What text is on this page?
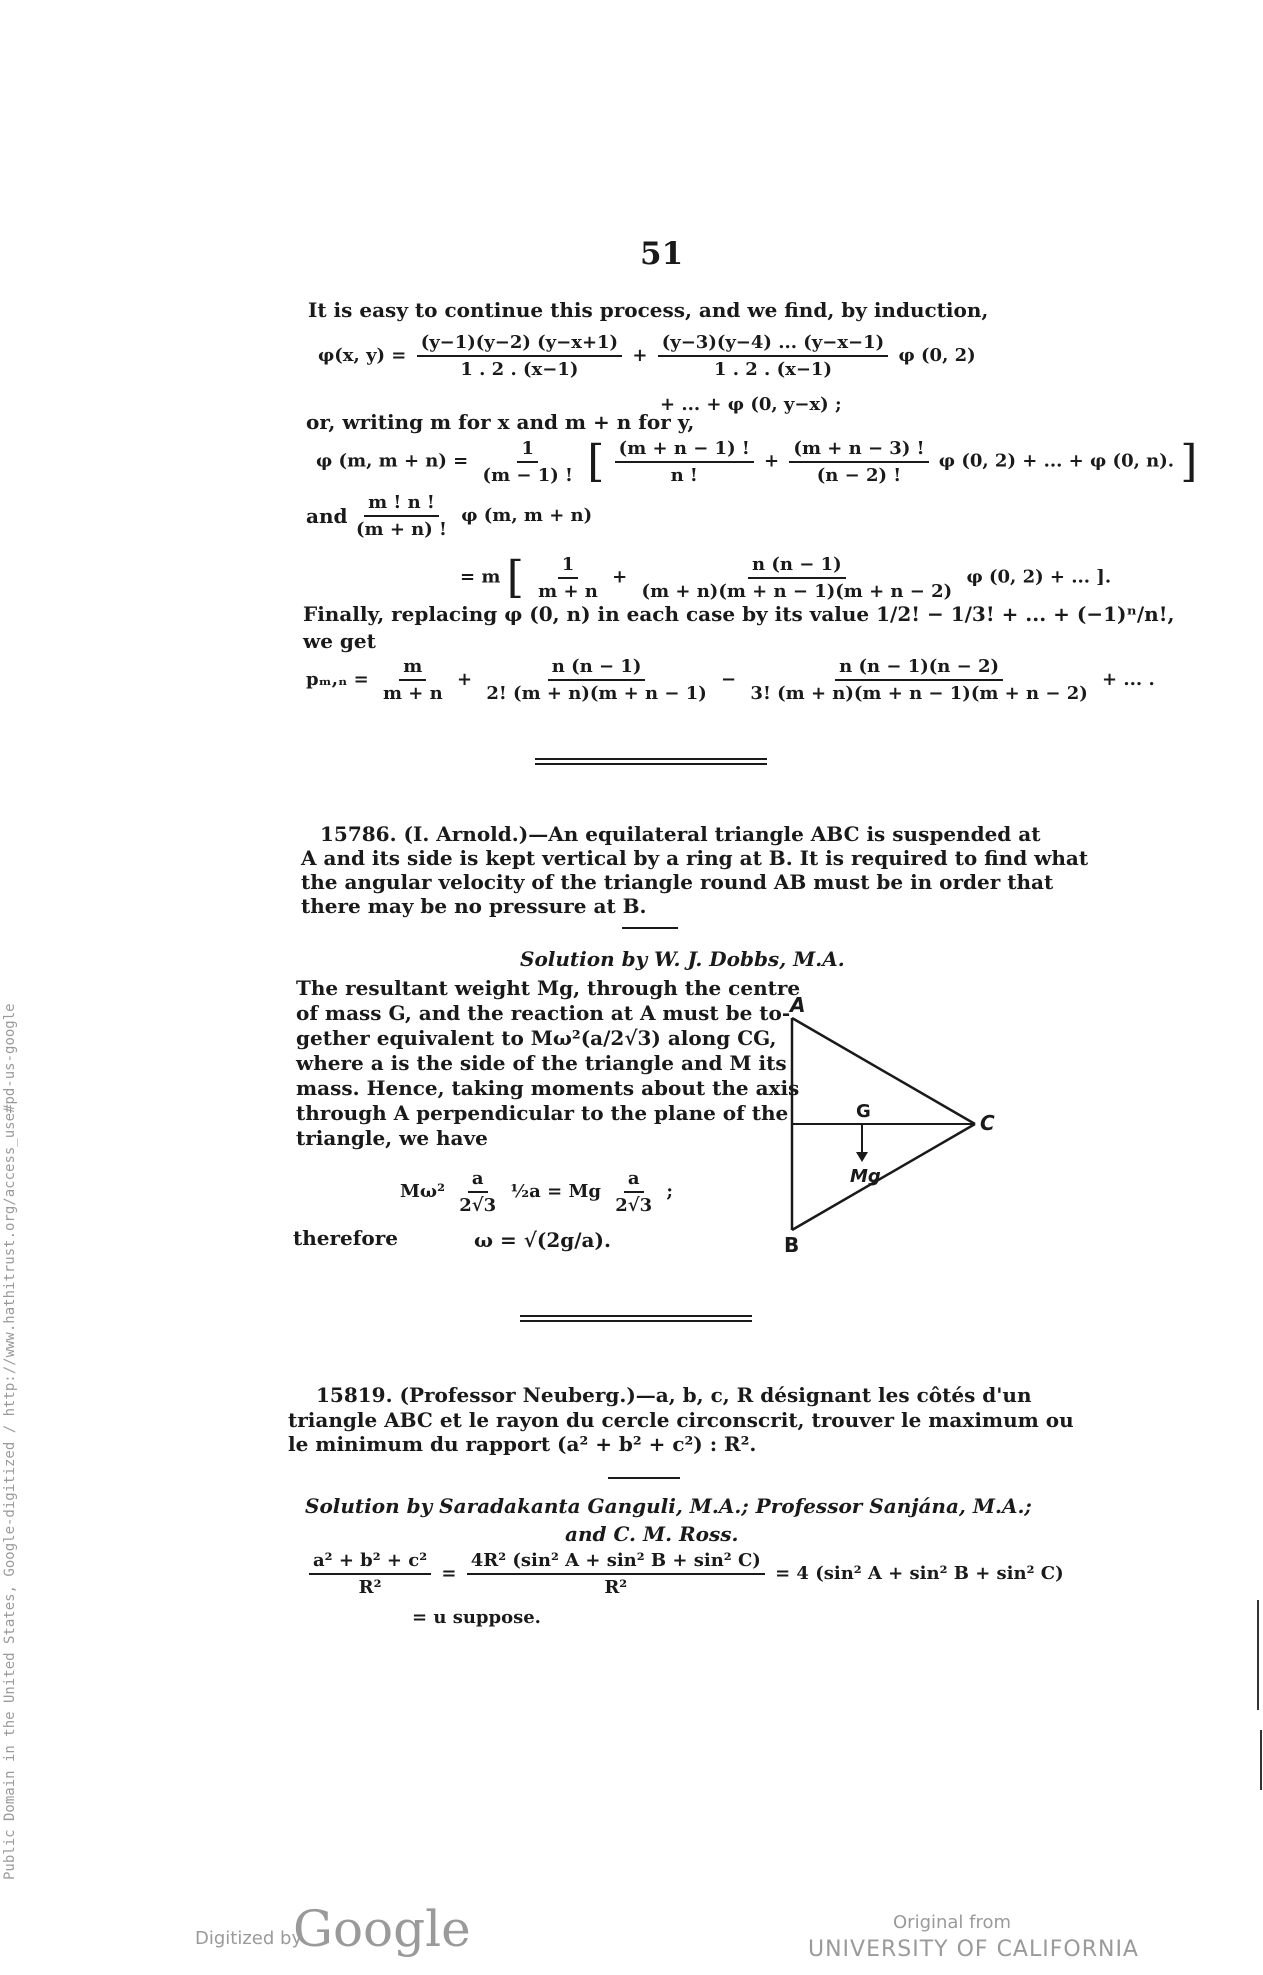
51
It is easy to continue this process, and we find, by induction,
φ(x, $y) = \frac{(y-1)(y-2) (y-x+1)}{1 . 2 . (x-1)} + \frac{(y-3)(y-4) ... (y-x-1)}{1 . 2 . (x-1)}$ φ (0, 2)
+ ... + φ (0, y−x) ;
or, writing m for x and m + n for y,
φ (m, $m + n) = \frac{1}{(m - 1) !}$ [ $\frac{(m + n - 1) !}{n !} + \frac{(m + n - 3) !}{(n - 2) !}$ φ (0, 2) + ... + φ (0, n). ]
and $\frac{m ! n !}{(m + n) !}$ φ (m, m + n)
= m [ $\frac{1}{m + n} + \frac{n (n - 1)}{(m + n)(m + n - 1)(m + n - 2)}$ φ (0, 2) + ... ].
Finally, replacing φ (0, n) in each case by its value 1/2! − 1/3! + ... + (−1)ⁿ/n!,
we get
$p_m,_n = \frac{m}{m + n} + \frac{n (n - 1)}{2! (m + n)(m + n - 1)} - \frac{n (n - 1)(n - 2)}{3! (m + n)(m + n - 1)(m + n - 2)}$ + ... .
15786. (I. Arnold.)—An equilateral triangle ABC is suspended at
A and its side is kept vertical by a ring at B. It is required to find what
the angular velocity of the triangle round AB must be in order that
there may be no pressure at B.
Solution by W. J. Dobbs, M.A.
The resultant weight Mg, through the centre
of mass G, and the reaction at A must be to-
gether equivalent to Mω²(a/2√3) along CG,
where a is the side of the triangle and M its
mass. Hence, taking moments about the axis
through A perpendicular to the plane of the
triangle, we have
$M\omega^2 \frac{a}{2√3}$ ½a = Mg $\frac{a}{2√3}$ ;
therefore	ω = √(2g/a).
A
B
C
G
Mg
15819. (Professor Neuberg.)—a, b, c, R désignant les côtés d'un
triangle ABC et le rayon du cercle circonscrit, trouver le maximum ou
le minimum du rapport (a² + b² + c²) : R².
Solution by Saradakanta Ganguli, M.A.; Professor Sanjána, M.A.;
and C. M. Ross.
$\frac{\text{a² + b² + c²}}{\text{R²}} = \frac{\text{4R² (sin² A + sin² B + sin² C)}}{\text{R²}} = 4$ (sin² A + sin² B + sin² C)
= u suppose.
Public Domain in the United States, Google-digitized / http://www.hathitrust.org/access_use#pd-us-google
Digitized by
Google	Original from
UNIVERSITY OF CALIFORNIA
